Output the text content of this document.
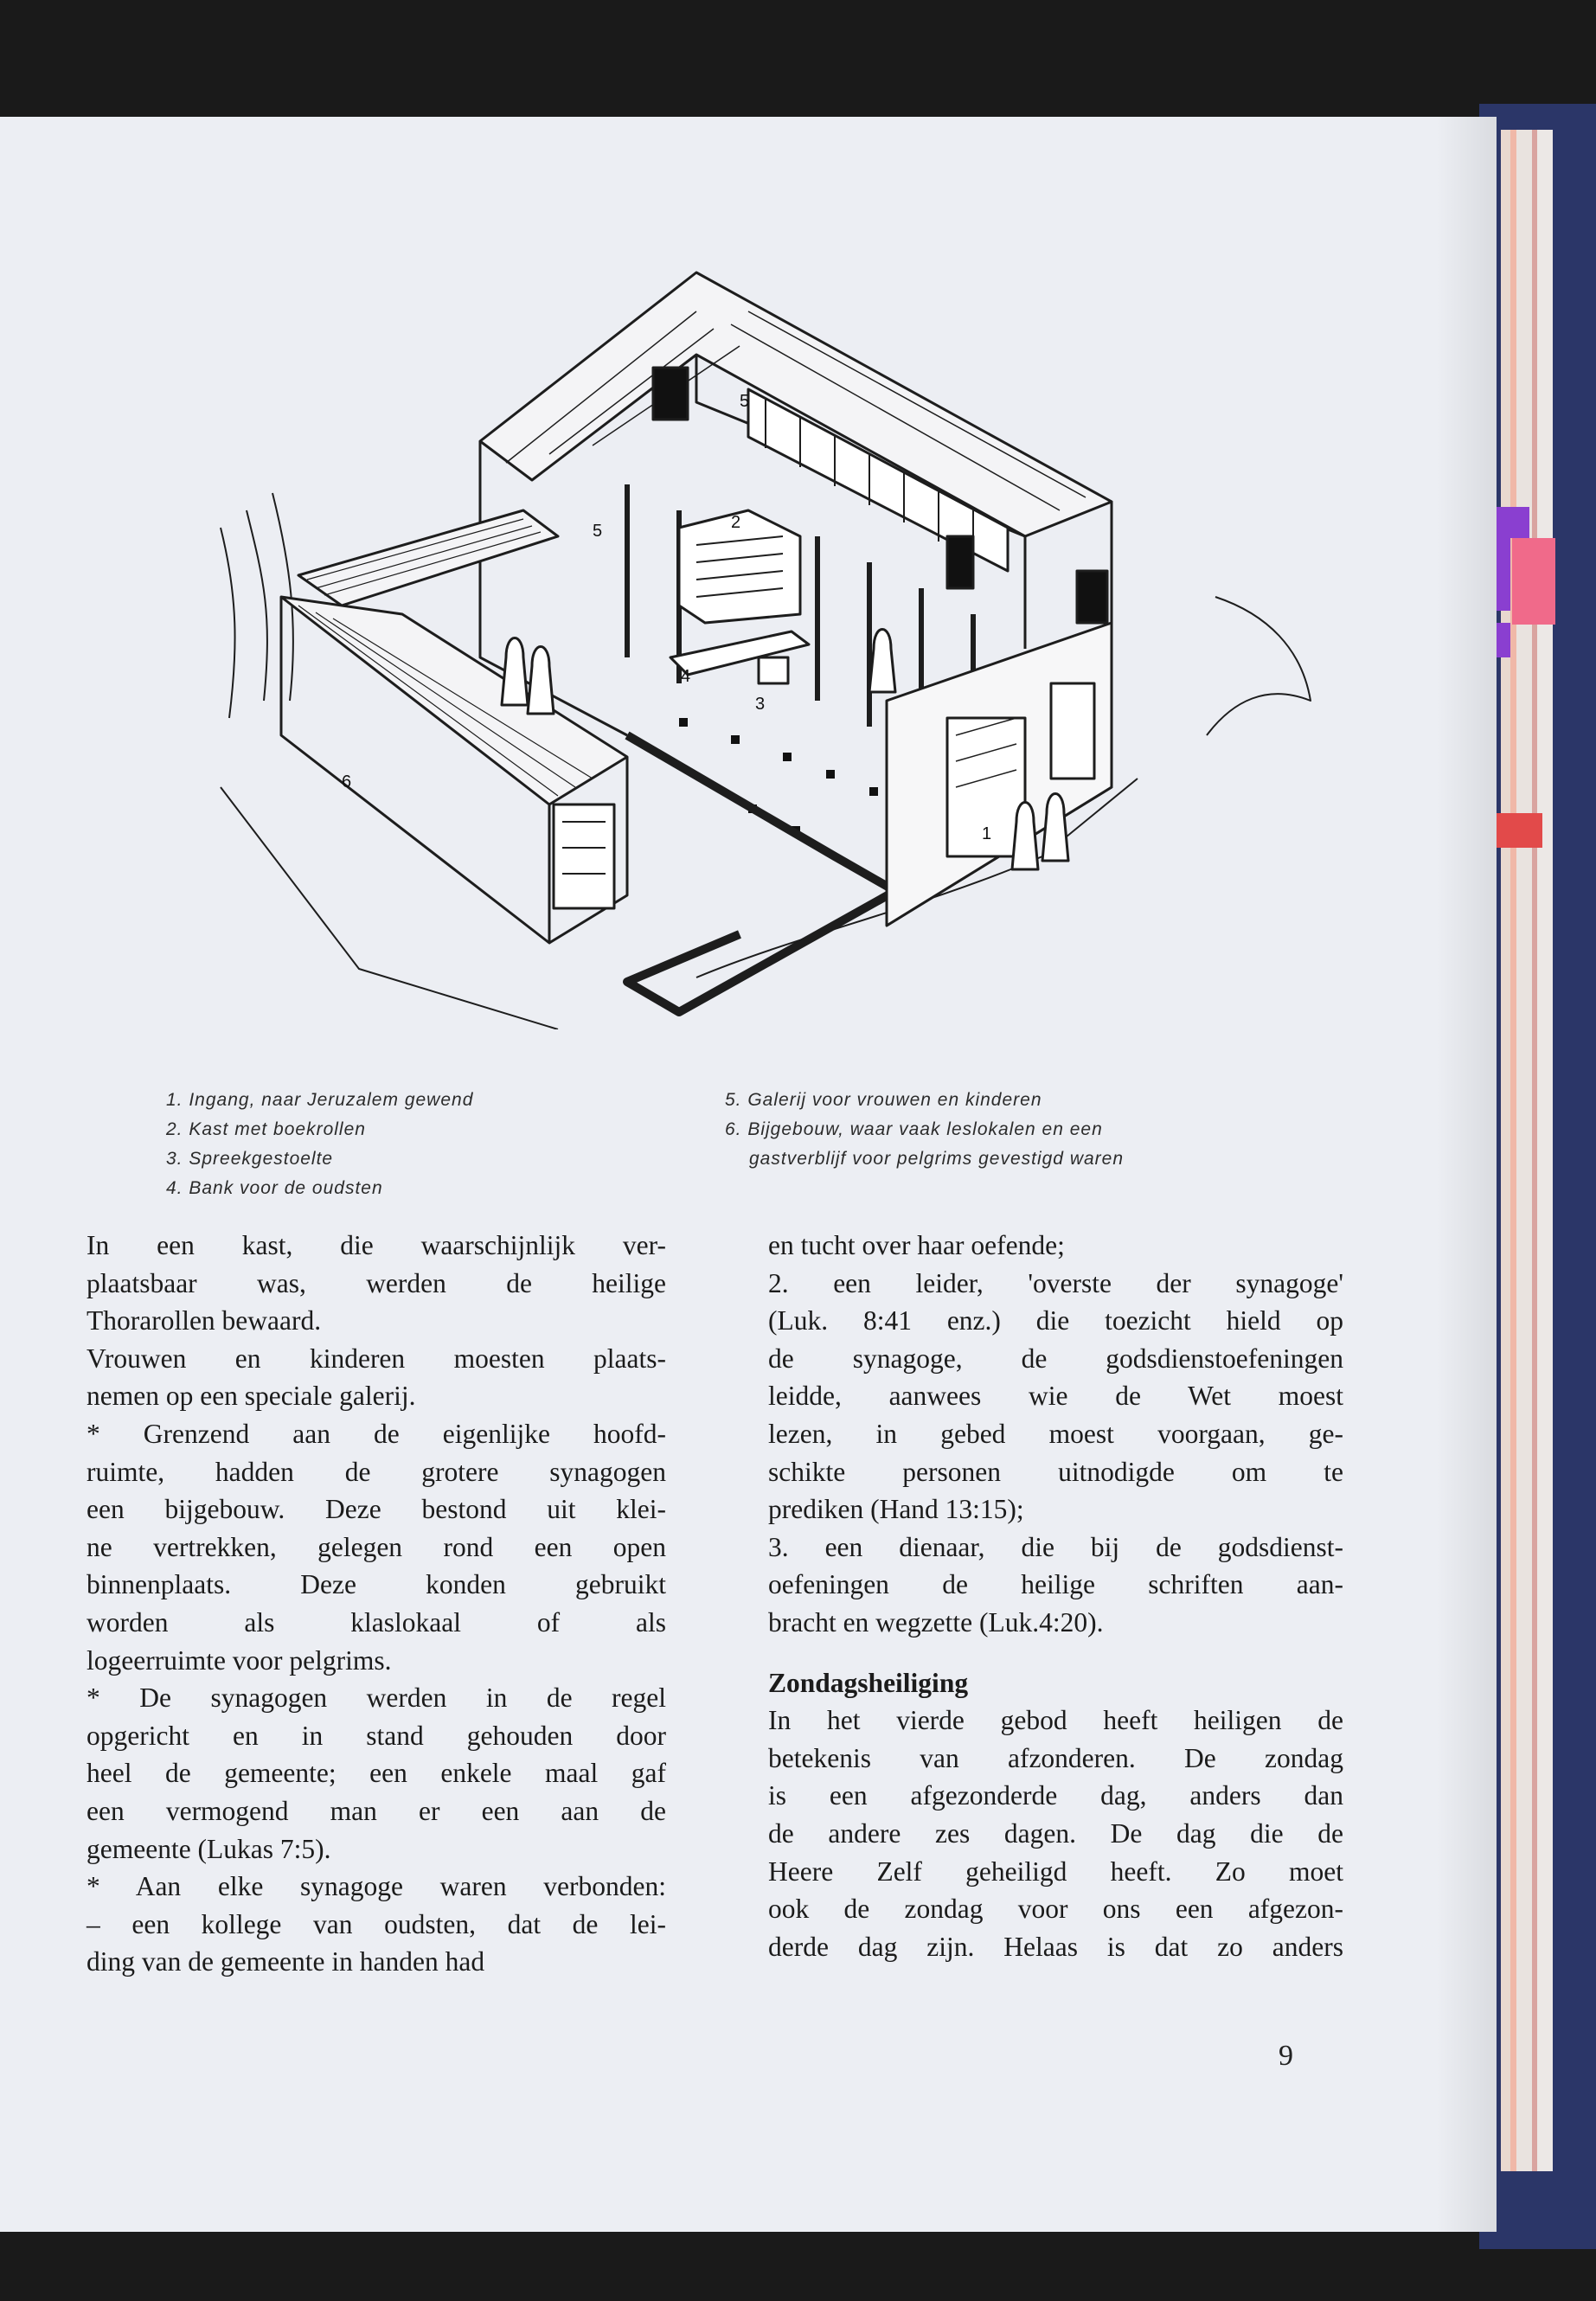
1
2
3
4
5
5
6
1. Ingang, naar Jeruzalem gewend
2. Kast met boekrollen
3. Spreekgestoelte
4. Bank voor de oudsten
5. Galerij voor vrouwen en kinderen
6. Bijgebouw, waar vaak leslokalen en een
gastverblijf voor pelgrims gevestigd waren
In een kast, die waarschijnlijk ver-
plaatsbaar was, werden de heilige
Thorarollen bewaard.
Vrouwen en kinderen moesten plaats-
nemen op een speciale galerij.
* Grenzend aan de eigenlijke hoofd-
ruimte, hadden de grotere synagogen
een bijgebouw. Deze bestond uit klei-
ne vertrekken, gelegen rond een open
binnenplaats. Deze konden gebruikt
worden als klaslokaal of als
logeerruimte voor pelgrims.
* De synagogen werden in de regel
opgericht en in stand gehouden door
heel de gemeente; een enkele maal gaf
een vermogend man er een aan de
gemeente (Lukas 7:5).
* Aan elke synagoge waren verbonden:
– een kollege van oudsten, dat de lei-
ding van de gemeente in handen had
en tucht over haar oefende;
2. een leider, 'overste der synagoge'
(Luk. 8:41 enz.) die toezicht hield op
de synagoge, de godsdienstoefeningen
leidde, aanwees wie de Wet moest
lezen, in gebed moest voorgaan, ge-
schikte personen uitnodigde om te
prediken (Hand 13:15);
3. een dienaar, die bij de godsdienst-
oefeningen de heilige schriften aan-
bracht en wegzette (Luk.4:20).
Zondagsheiliging
In het vierde gebod heeft heiligen de
betekenis van afzonderen. De zondag
is een afgezonderde dag, anders dan
de andere zes dagen. De dag die de
Heere Zelf geheiligd heeft. Zo moet
ook de zondag voor ons een afgezon-
derde dag zijn. Helaas is dat zo anders
9
